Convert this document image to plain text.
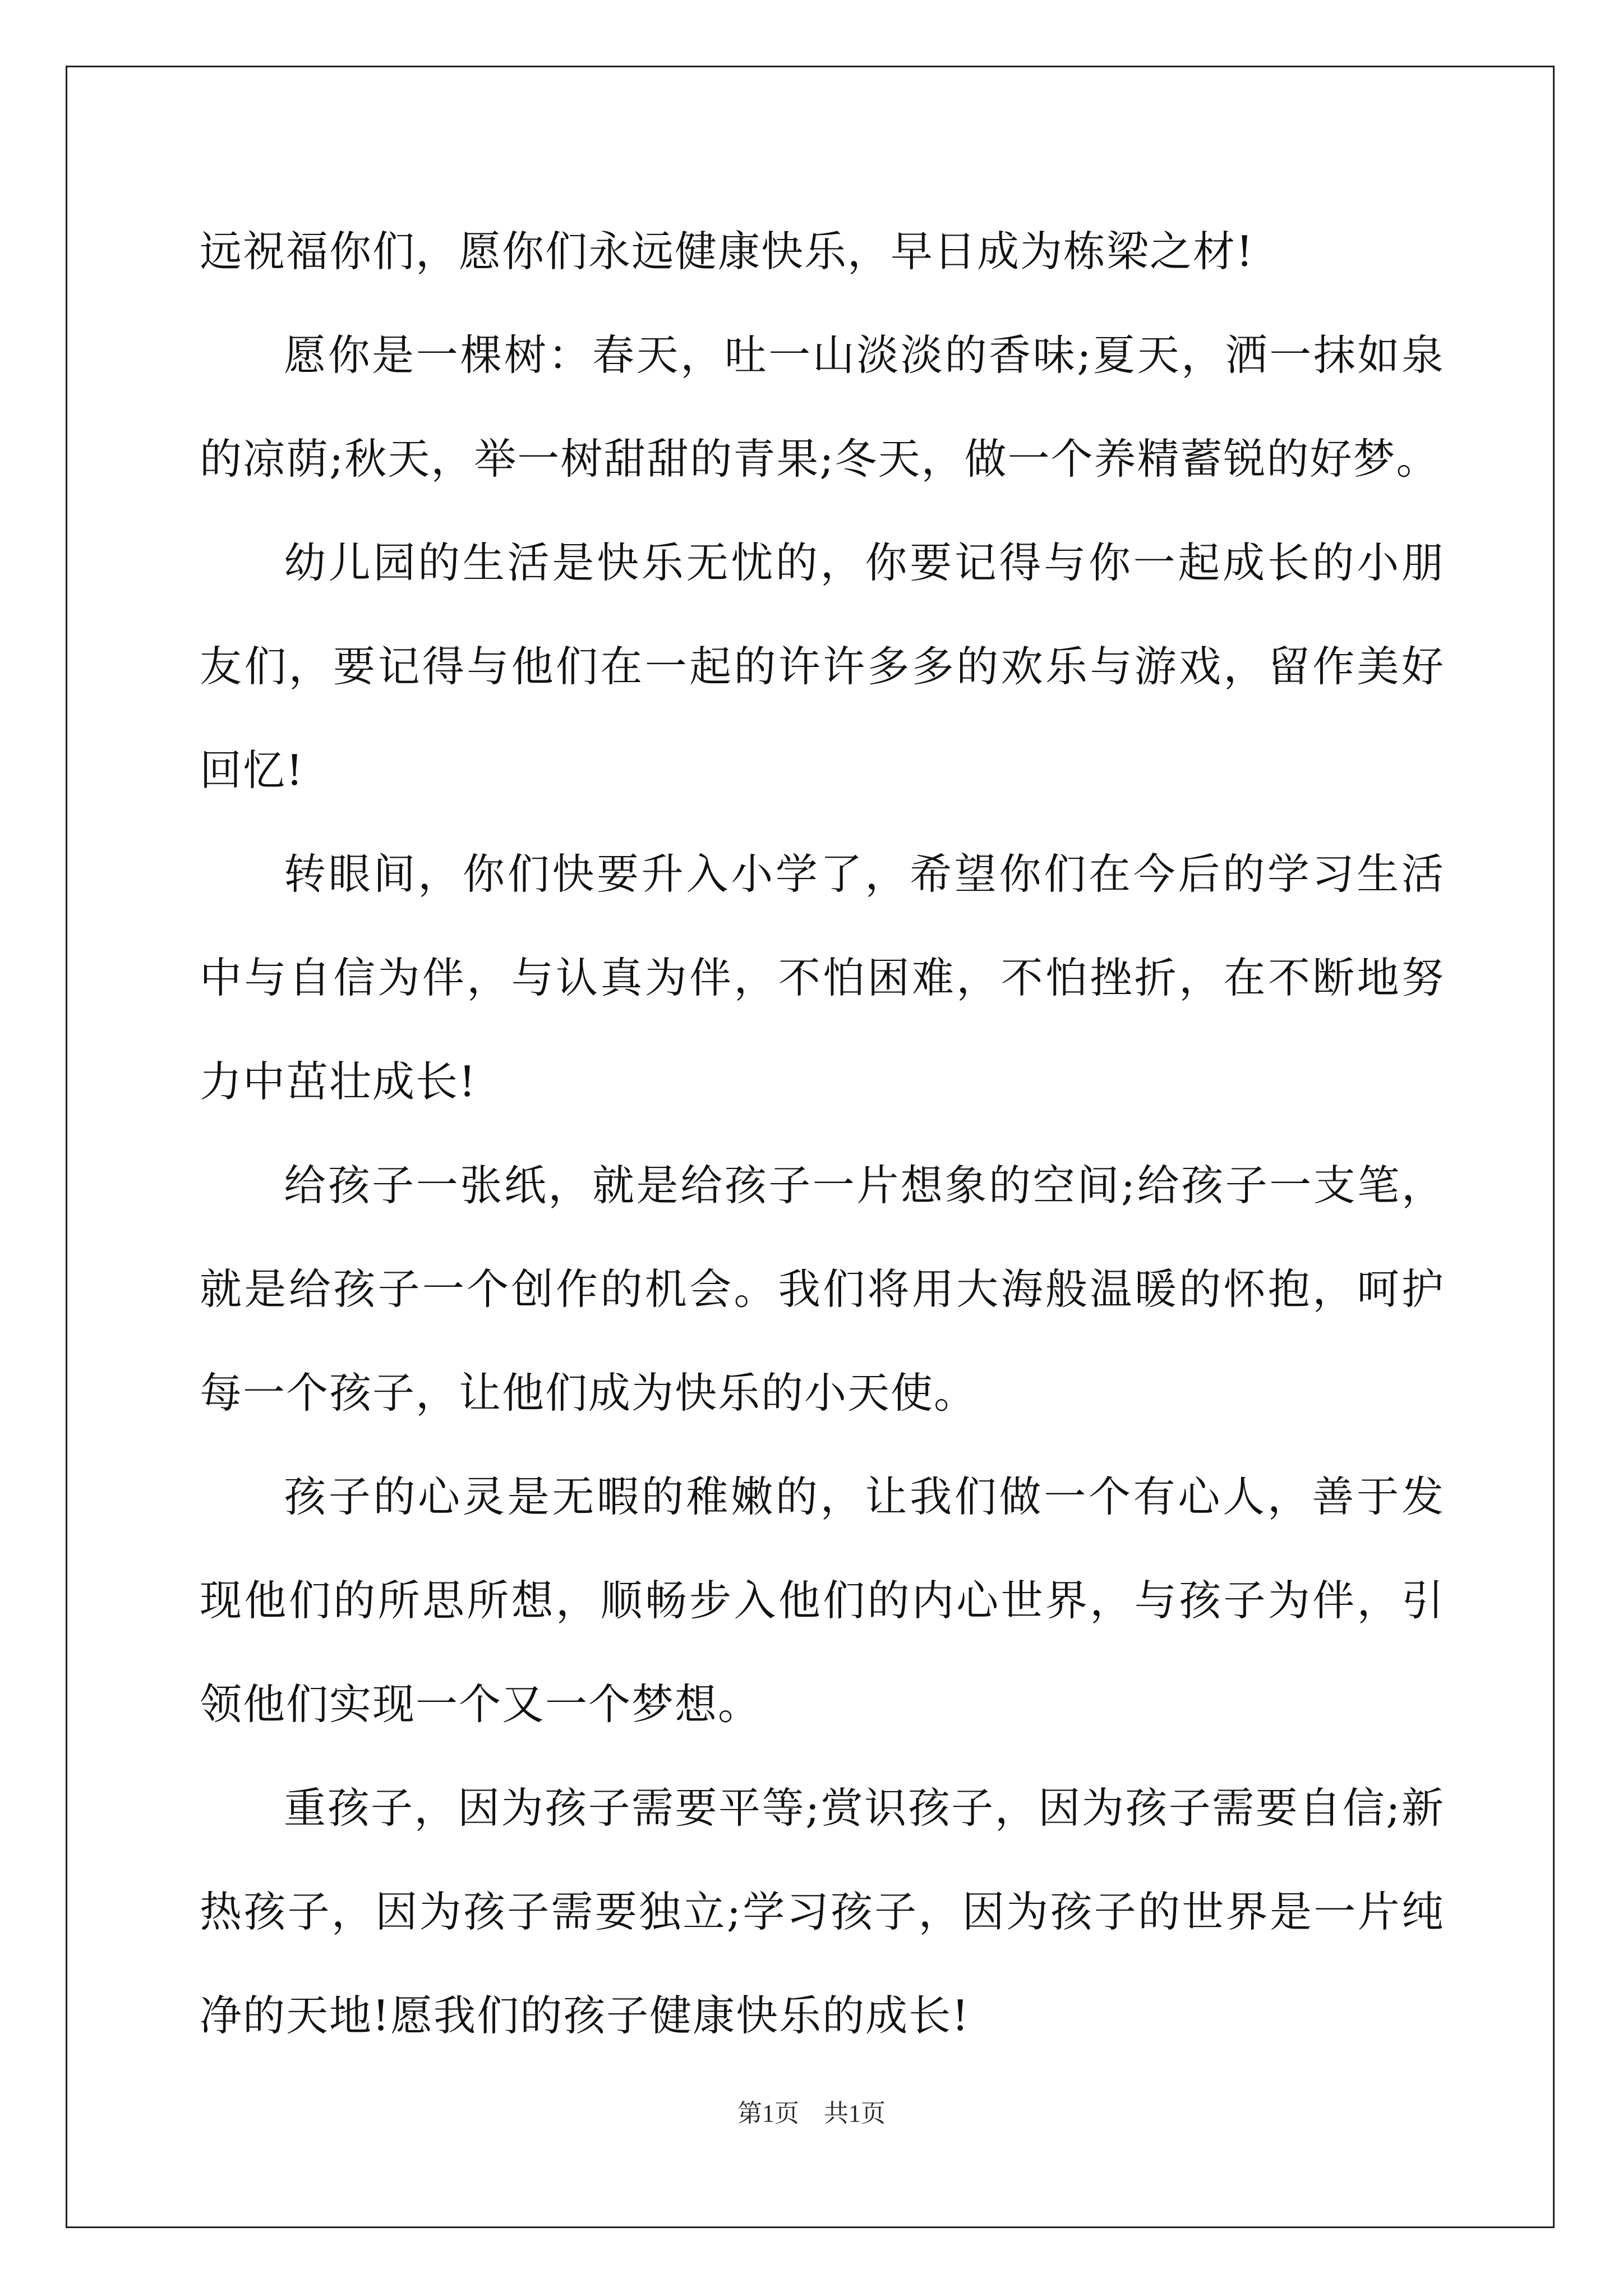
远祝福你们，愿你们永远健康快乐，早日成为栋梁之材!

愿你是一棵树：春天，吐一山淡淡的香味;夏天，洒一抹如泉的凉荫;秋天，举一树甜甜的青果;冬天，做一个养精蓄锐的好梦。

幼儿园的生活是快乐无忧的，你要记得与你一起成长的小朋友们，要记得与他们在一起的许许多多的欢乐与游戏，留作美好回忆!

转眼间，你们快要升入小学了，希望你们在今后的学习生活中与自信为伴，与认真为伴，不怕困难，不怕挫折，在不断地努力中茁壮成长!

给孩子一张纸，就是给孩子一片想象的空间;给孩子一支笔，就是给孩子一个创作的机会。我们将用大海般温暖的怀抱，呵护每一个孩子，让他们成为快乐的小天使。

孩子的心灵是无暇的稚嫩的，让我们做一个有心人，善于发现他们的所思所想，顺畅步入他们的内心世界，与孩子为伴，引领他们实现一个又一个梦想。

重孩子，因为孩子需要平等;赏识孩子，因为孩子需要自信;新热孩子，因为孩子需要独立;学习孩子，因为孩子的世界是一片纯净的天地!愿我们的孩子健康快乐的成长!

第1页 共1页
